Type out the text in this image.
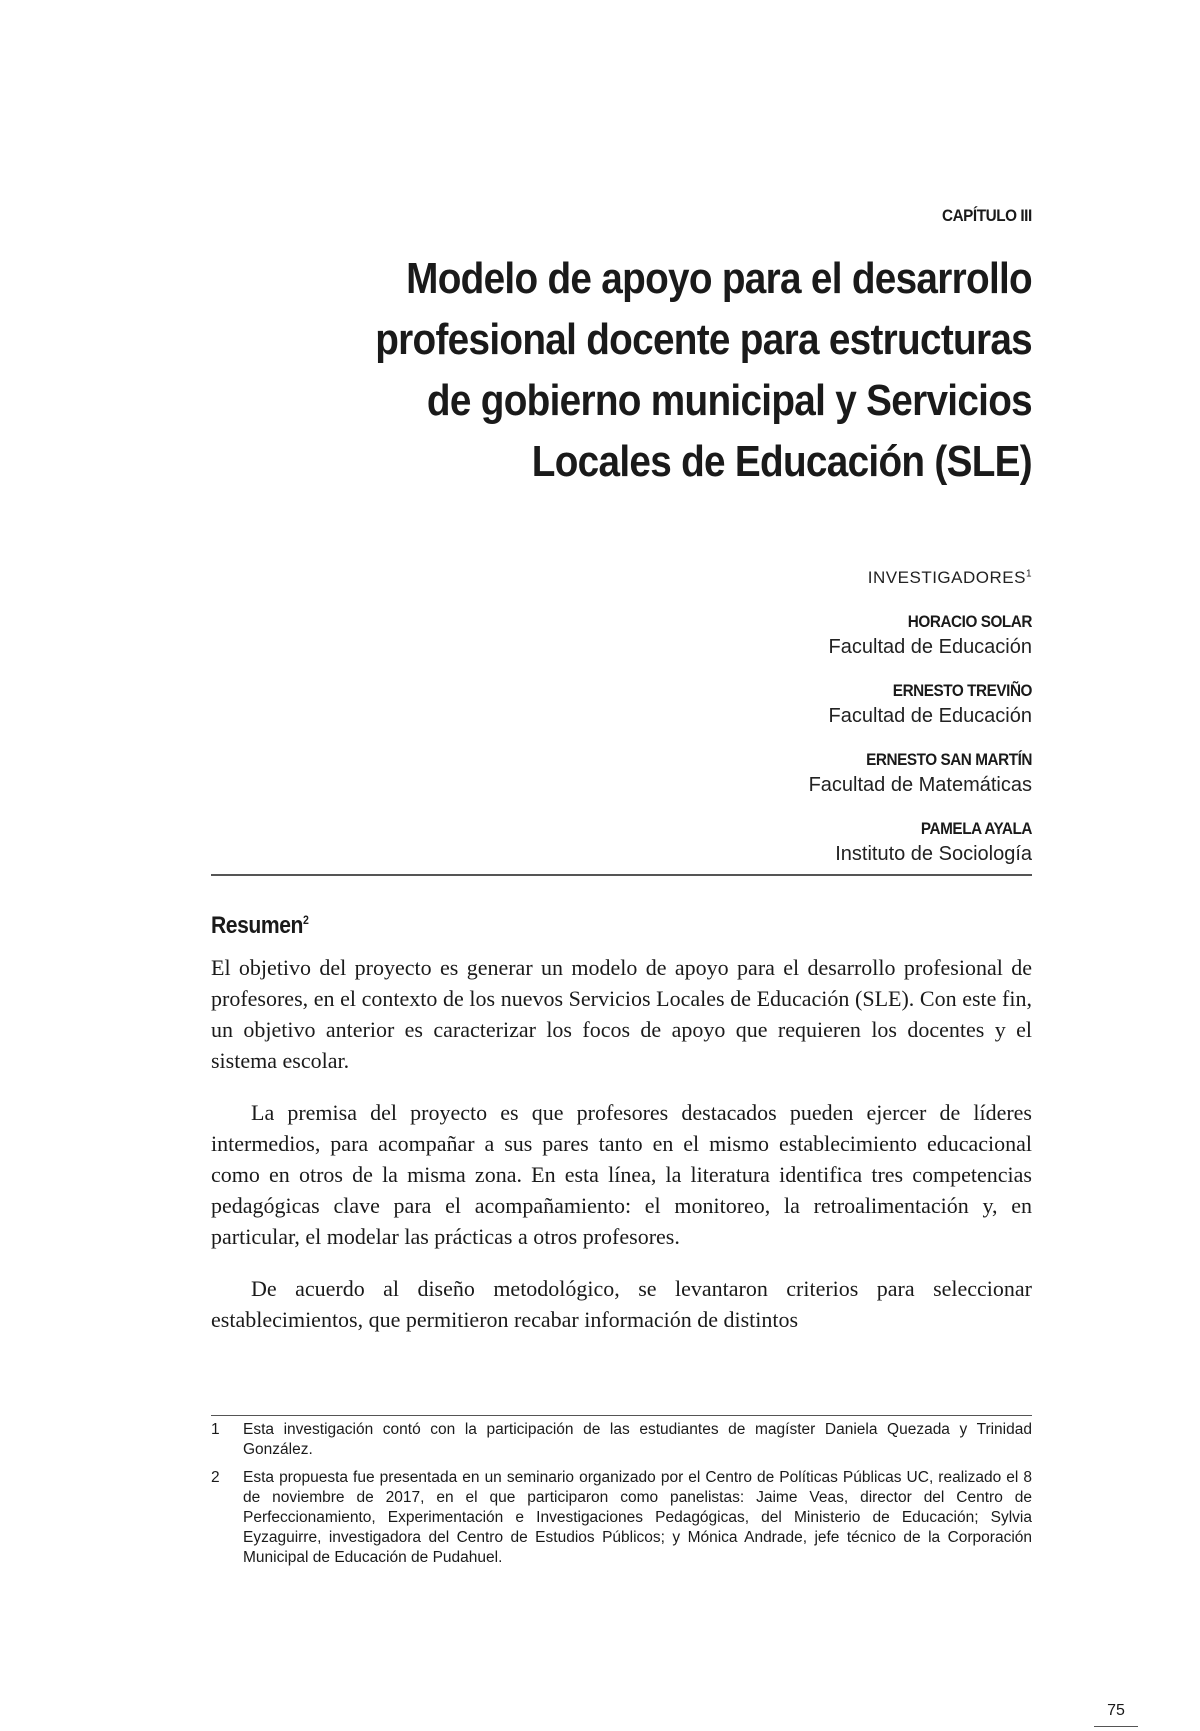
CAPÍTULO III
Modelo de apoyo para el desarrollo
profesional docente para estructuras
de gobierno municipal y Servicios
Locales de Educación (SLE)
INVESTIGADORES$^1$
HORACIO SOLAR
Facultad de Educación
ERNESTO TREVIÑO
Facultad de Educación
ERNESTO SAN MARTÍN
Facultad de Matemáticas
PAMELA AYALA
Instituto de Sociología
Resumen$^2$

El objetivo del proyecto es generar un modelo de apoyo para el desarrollo profesional de profesores, en el contexto de los nuevos Servicios Locales de Educación (SLE). Con este fin, un objetivo anterior es caracterizar los focos de apoyo que requieren los docentes y el sistema escolar.

La premisa del proyecto es que profesores destacados pueden ejercer de líderes intermedios, para acompañar a sus pares tanto en el mismo establecimiento educacional como en otros de la misma zona. En esta línea, la literatura identifica tres competencias pedagógicas clave para el acompañamiento: el monitoreo, la retroalimentación y, en particular, el modelar las prácticas a otros profesores.

De acuerdo al diseño metodológico, se levantaron criterios para seleccionar establecimientos, que permitieron recabar información de distintos

1	Esta investigación contó con la participación de las estudiantes de magíster Daniela Quezada y Trinidad González.
2	Esta propuesta fue presentada en un seminario organizado por el Centro de Políticas Públicas UC, realizado el 8 de noviembre de 2017, en el que participaron como panelistas: Jaime Veas, director del Centro de Perfeccionamiento, Experimentación e Investigaciones Pedagógicas, del Ministerio de Educación; Sylvia Eyzaguirre, investigadora del Centro de Estudios Públicos; y Mónica Andrade, jefe técnico de la Corporación Municipal de Educación de Pudahuel.
75
